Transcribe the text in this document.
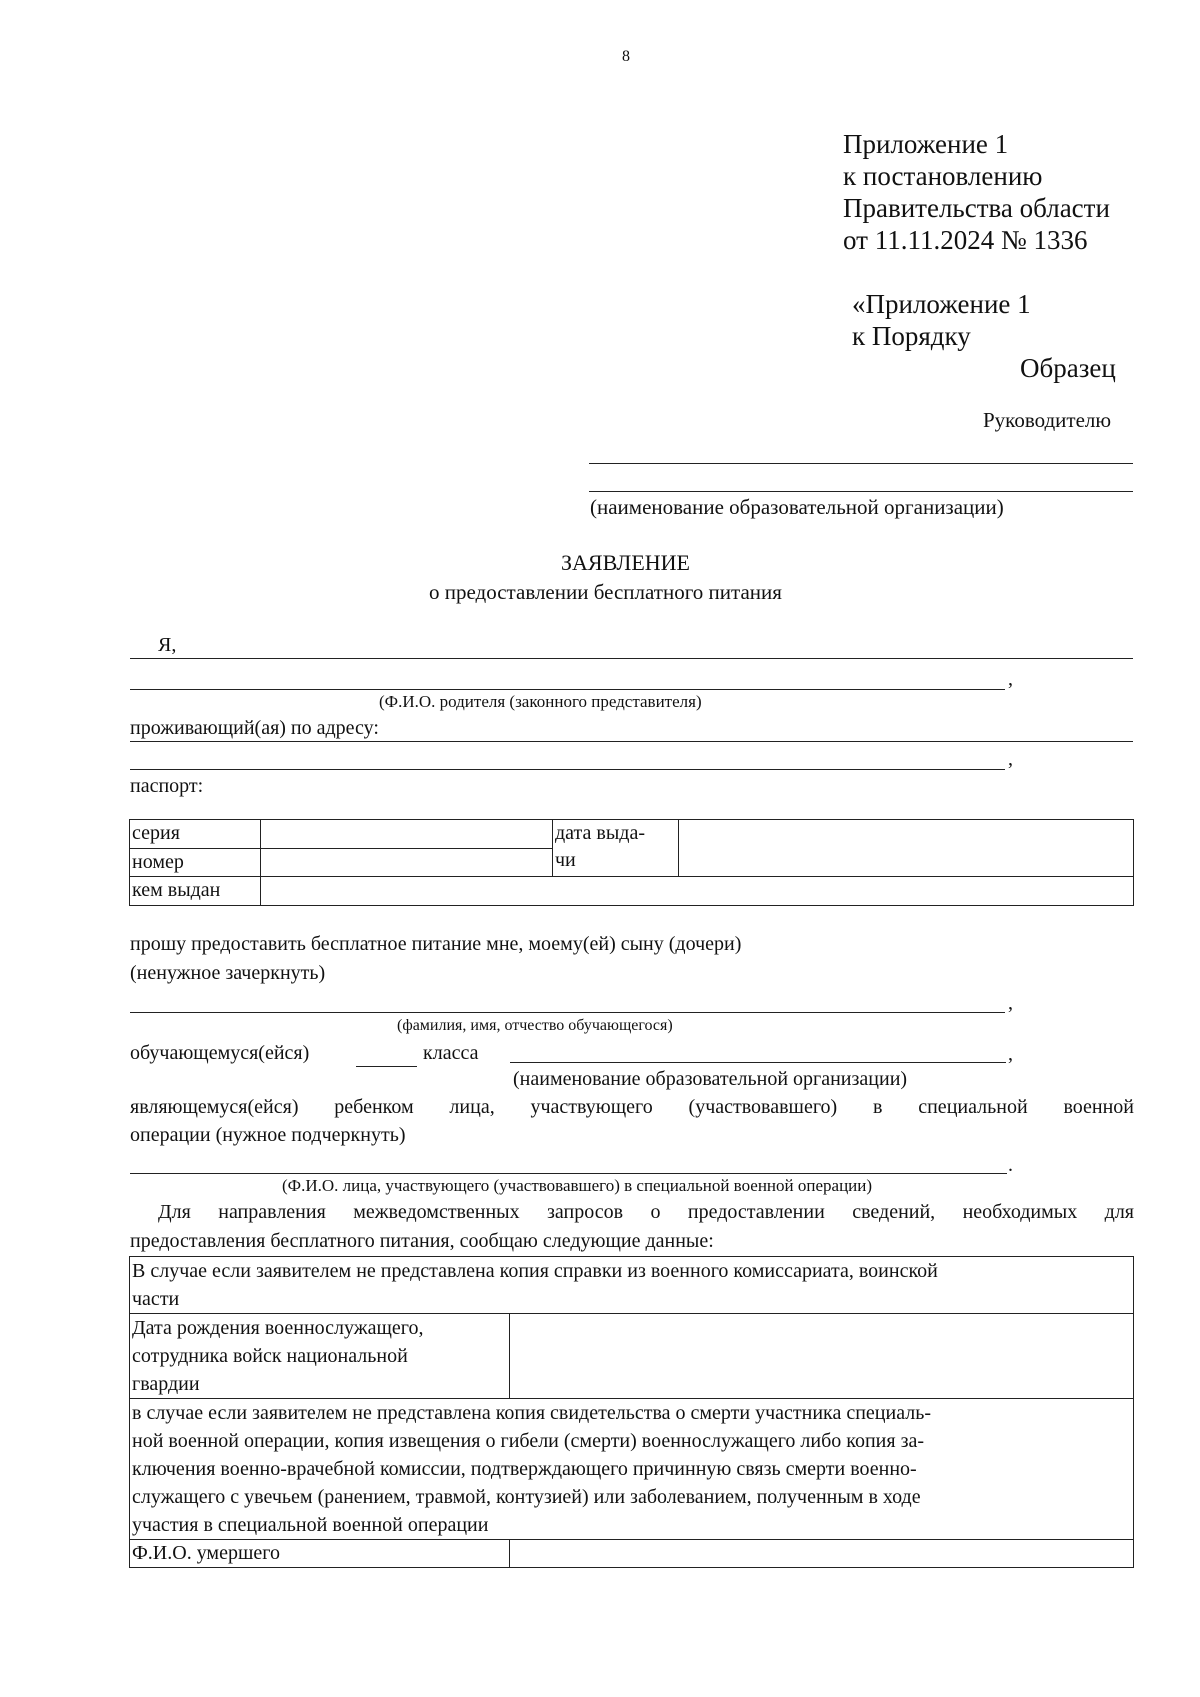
8
Приложение 1
к постановлению
Правительства области
от 11.11.2024 № 1336
«Приложение 1
к Порядку
Образец
Руководителю
(наименование образовательной организации)
ЗАЯВЛЕНИЕ
о предоставлении бесплатного питания
Я,
,
(Ф.И.О. родителя (законного представителя)
проживающий(ая) по адресу:
,
паспорт:
серия		дата выда-
чи	
номер			
кем выдан			
прошу предоставить бесплатное питание мне, моему(ей) сыну (дочери)
(ненужное зачеркнуть)
,
(фамилия, имя, отчество обучающегося)
обучающемуся(ейся)	класса	,
(наименование образовательной организации)
являющемуся(ейся) ребенком лица, участвующего (участвовавшего) в специальной военной
операции (нужное подчеркнуть)
.
(Ф.И.О. лица, участвующего (участвовавшего) в специальной военной операции)
Для направления межведомственных запросов о предоставлении сведений, необходимых для
предоставления бесплатного питания, сообщаю следующие данные:
В случае если заявителем не представлена копия справки из военного комиссариата, воинской
части	
Дата рождения военнослужащего,
сотрудника войск национальной
гвардии	
в случае если заявителем не представлена копия свидетельства о смерти участника специаль-
ной военной операции, копия извещения о гибели (смерти) военнослужащего либо копия за-
ключения военно-врачебной комиссии, подтверждающего причинную связь смерти военно-
служащего с увечьем (ранением, травмой, контузией) или заболеванием, полученным в ходе
участия в специальной военной операции	
Ф.И.О. умершего	
